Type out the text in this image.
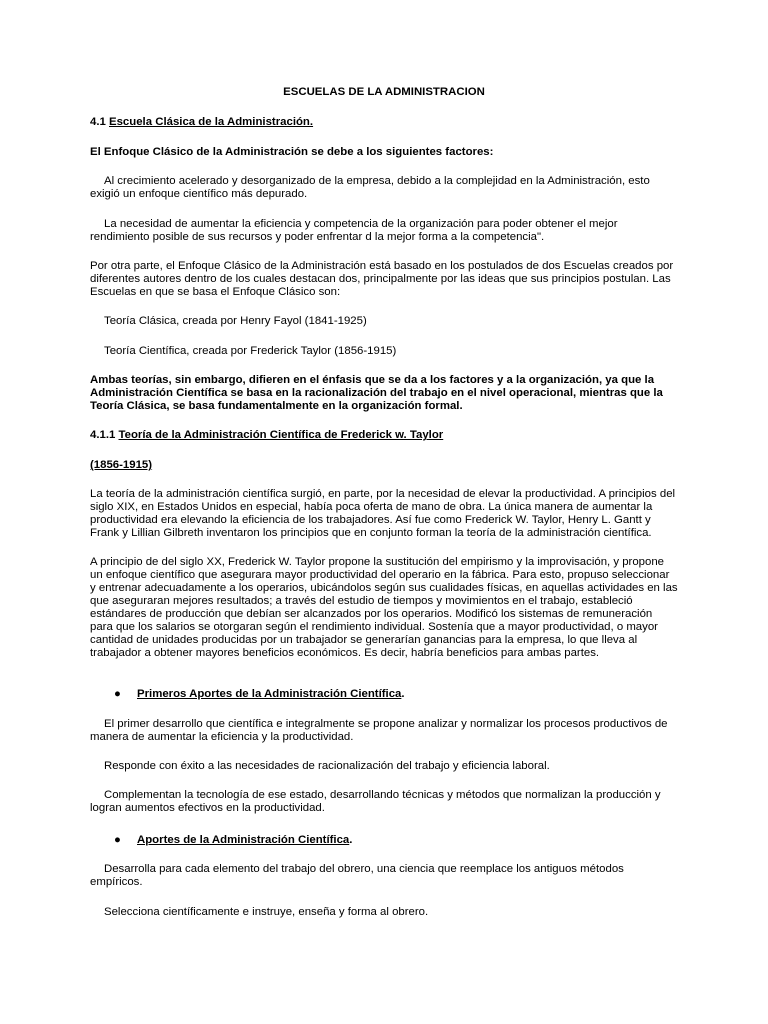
ESCUELAS DE LA ADMINISTRACION

4.1 Escuela Clásica de la Administración.

El Enfoque Clásico de la Administración se debe a los siguientes factores:

Al crecimiento acelerado y desorganizado de la empresa, debido a la complejidad en la Administración, esto exigió un enfoque científico más depurado.

La necesidad de aumentar la eficiencia y competencia de la organización para poder obtener el mejor rendimiento posible de sus recursos y poder enfrentar d la mejor forma a la competencia".

Por otra parte, el Enfoque Clásico de la Administración está basado en los postulados de dos Escuelas creados por diferentes autores dentro de los cuales destacan dos, principalmente por las ideas que sus principios postulan. Las Escuelas en que se basa el Enfoque Clásico son:

Teoría Clásica, creada por Henry Fayol (1841-1925)

Teoría Científica, creada por Frederick Taylor (1856-1915)

Ambas teorías, sin embargo, difieren en el énfasis que se da a los factores y a la organización, ya que la Administración Científica se basa en la racionalización del trabajo en el nivel operacional, mientras que la Teoría Clásica, se basa fundamentalmente en la organización formal.

4.1.1 Teoría de la Administración Científica de Frederick w. Taylor

(1856-1915)

La teoría de la administración científica surgió, en parte, por la necesidad de elevar la productividad. A principios del siglo XIX, en Estados Unidos en especial, había poca oferta de mano de obra. La única manera de aumentar la productividad era elevando la eficiencia de los trabajadores. Así fue como Frederick W. Taylor, Henry L. Gantt y Frank y Lillian Gilbreth inventaron los principios que en conjunto forman la teoría de la administración científica.

A principio de del siglo XX, Frederick W. Taylor propone la sustitución del empirismo y la improvisación, y propone un enfoque científico que asegurara mayor productividad del operario en la fábrica. Para esto, propuso seleccionar y entrenar adecuadamente a los operarios, ubicándolos según sus cualidades físicas, en aquellas actividades en las que aseguraran mejores resultados; a través del estudio de tiempos y movimientos en el trabajo, estableció estándares de producción que debían ser alcanzados por los operarios. Modificó los sistemas de remuneración para que los salarios se otorgaran según el rendimiento individual. Sostenía que a mayor productividad, o mayor cantidad de unidades producidas por un trabajador se generarían ganancias para la empresa, lo que lleva al trabajador a obtener mayores beneficios económicos. Es decir, habría beneficios para ambas partes.

● Primeros Aportes de la Administración Científica.

El primer desarrollo que científica e integralmente se propone analizar y normalizar los procesos productivos de manera de aumentar la eficiencia y la productividad.

Responde con éxito a las necesidades de racionalización del trabajo y eficiencia laboral.

Complementan la tecnología de ese estado, desarrollando técnicas y métodos que normalizan la producción y logran aumentos efectivos en la productividad.

● Aportes de la Administración Científica.

Desarrolla para cada elemento del trabajo del obrero, una ciencia que reemplace los antiguos métodos empíricos.

Selecciona científicamente e instruye, enseña y forma al obrero.
